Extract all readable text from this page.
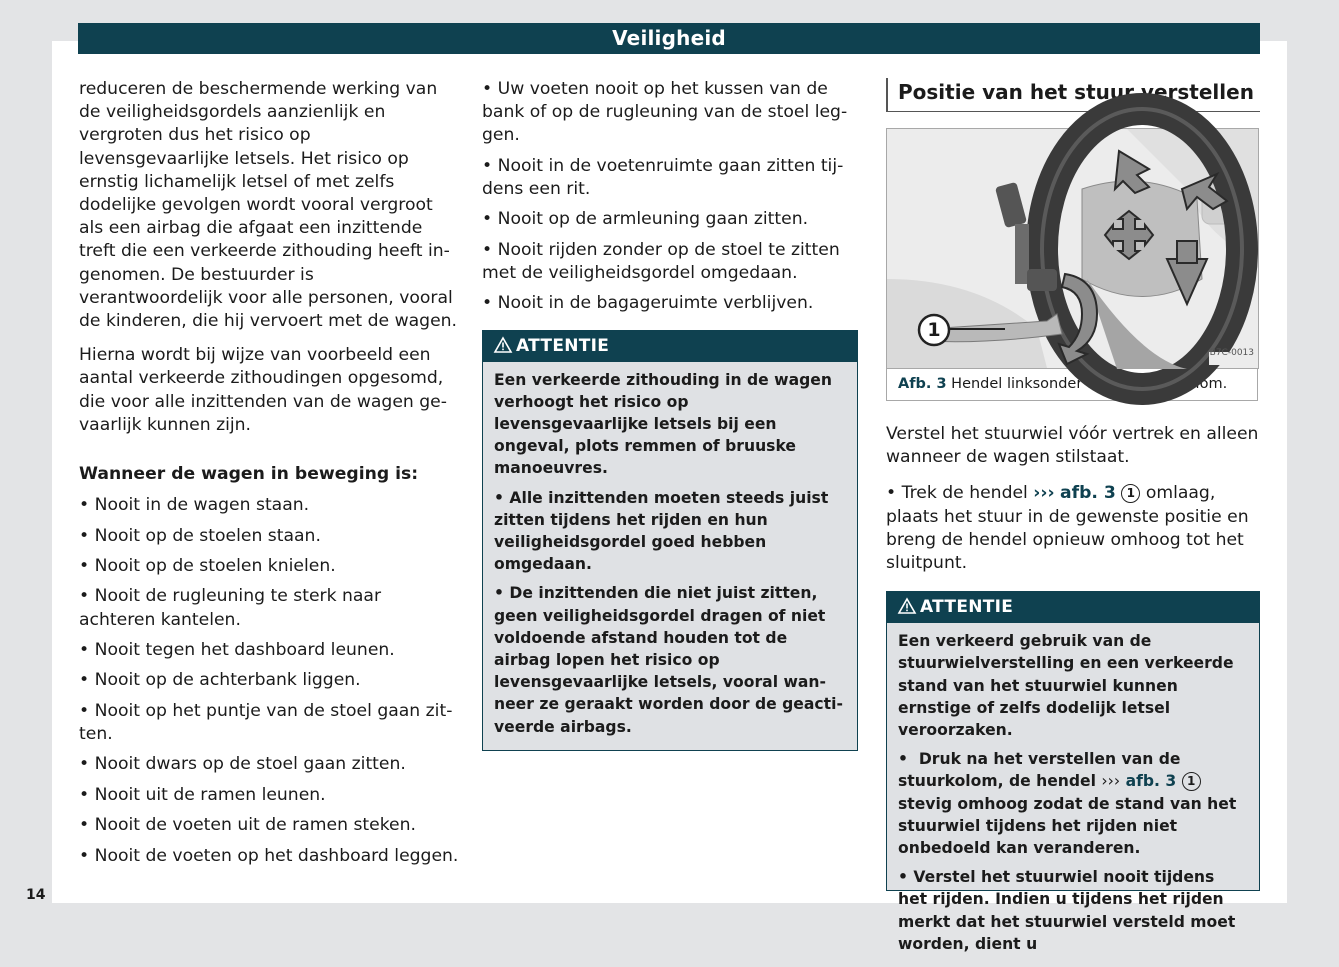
Veiligheid

reduceren de beschermende werking van de veiligheidsgordels aanzienlijk en vergroten dus het risico op levensgevaarlijke letsels. Het risico op ernstig lichamelijk letsel of met zelfs dodelijke gevolgen wordt vooral vergroot als een airbag die afgaat een inzittende treft die een verkeerde zithouding heeft ingenomen. De bestuurder is verantwoordelijk voor alle personen, vooral de kinderen, die hij vervoert met de wagen.

Hierna wordt bij wijze van voorbeeld een aantal verkeerde zithoudingen opgesomd, die voor alle inzittenden van de wagen gevaarlijk kunnen zijn.

Wanneer de wagen in beweging is:

• Nooit in de wagen staan.
• Nooit op de stoelen staan.
• Nooit op de stoelen knielen.
• Nooit de rugleuning te sterk naar achteren kantelen.
• Nooit tegen het dashboard leunen.
• Nooit op de achterbank liggen.
• Nooit op het puntje van de stoel gaan zitten.
• Nooit dwars op de stoel gaan zitten.
• Nooit uit de ramen leunen.
• Nooit de voeten uit de ramen steken.
• Nooit de voeten op het dashboard leggen.
• Uw voeten nooit op het kussen van de bank of op de rugleuning van de stoel leggen.
• Nooit in de voetenruimte gaan zitten tijdens een rit.
• Nooit op de armleuning gaan zitten.
• Nooit rijden zonder op de stoel te zitten met de veiligheidsgordel omgedaan.
• Nooit in de bagageruimte verblijven.
ATTENTIE

Een verkeerde zithouding in de wagen verhoogt het risico op levensgevaarlijke letsels bij een ongeval, plots remmen of bruuske manoeuvres.

• Alle inzittenden moeten steeds juist zitten tijdens het rijden en hun veiligheidsgordel goed hebben omgedaan.

• De inzittenden die niet juist zitten, geen veiligheidsgordel dragen of niet voldoende afstand houden tot de airbag lopen het risico op levensgevaarlijke letsels, vooral wanneer ze geraakt worden door de geactiveerde airbags.

Positie van het stuur verstellen
1
B7C-0013
Afb. 3 Hendel linksonder aan de stuurkolom.

Verstel het stuurwiel vóór vertrek en alleen wanneer de wagen stilstaat.

• Trek de hendel ››› afb. 3 1 omlaag, plaats het stuur in de gewenste positie en breng de hendel opnieuw omhoog tot het sluitpunt.

ATTENTIE

Een verkeerd gebruik van de stuurwielverstelling en een verkeerde stand van het stuurwiel kunnen ernstige of zelfs dodelijk letsel veroorzaken.

• Druk na het verstellen van de stuurkolom, de hendel ››› afb. 3 1 stevig omhoog zodat de stand van het stuurwiel tijdens het rijden niet onbedoeld kan veranderen.

• Verstel het stuurwiel nooit tijdens het rijden. Indien u tijdens het rijden merkt dat het stuurwiel versteld moet worden, dient u

14
